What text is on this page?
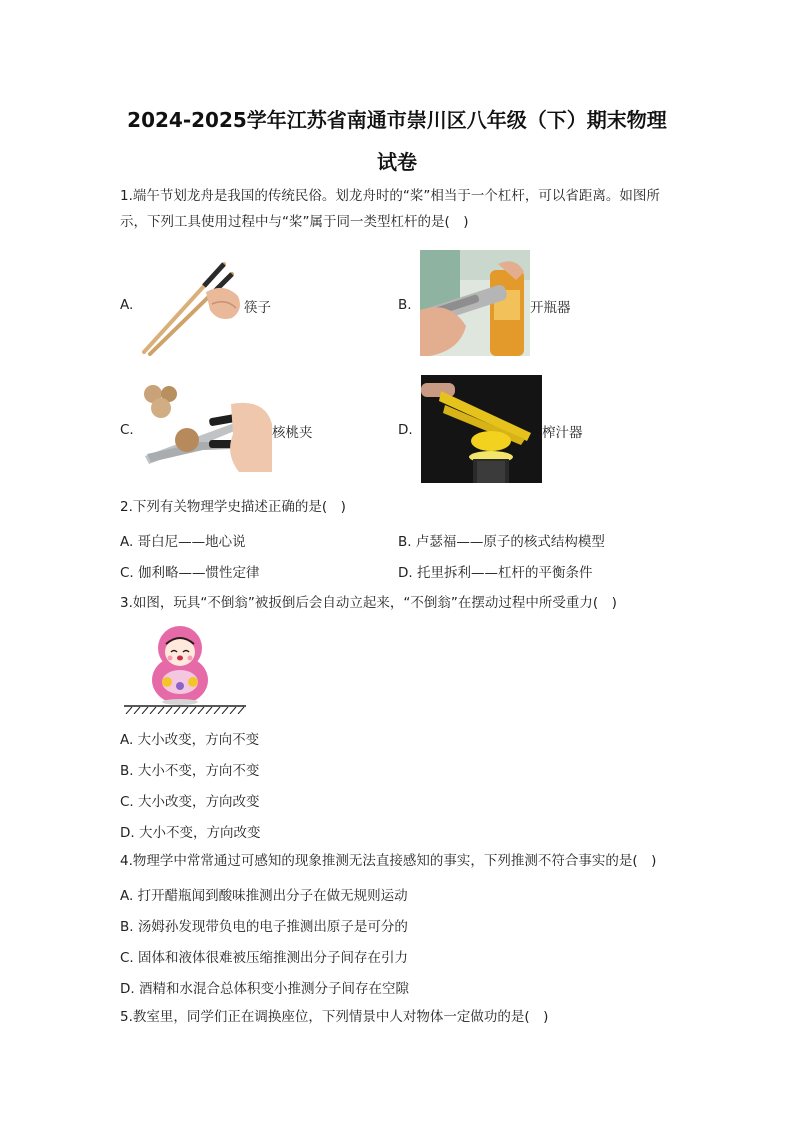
2024-2025学年江苏省南通市崇川区八年级（下）期末物理
试卷
1.端午节划龙舟是我国的传统民俗。划龙舟时的“桨”相当于一个杠杆，可以省距离。如图所示，下列工具使用过程中与“桨”属于同一类型杠杆的是(　)
A.	筷子	B.	开瓶器
C.	核桃夹	D.	榨汁器
2.下列有关物理学史描述正确的是(　)
A. 哥白尼——地心说	B. 卢瑟福——原子的核式结构模型
C. 伽利略——惯性定律	D. 托里拆利——杠杆的平衡条件
3.如图，玩具“不倒翁”被扳倒后会自动立起来，“不倒翁”在摆动过程中所受重力(　)
A. 大小改变，方向不变
B. 大小不变，方向不变
C. 大小改变，方向改变
D. 大小不变，方向改变
4.物理学中常常通过可感知的现象推测无法直接感知的事实，下列推测不符合事实的是(　)
A. 打开醋瓶闻到酸味推测出分子在做无规则运动
B. 汤姆孙发现带负电的电子推测出原子是可分的
C. 固体和液体很难被压缩推测出分子间存在引力
D. 酒精和水混合总体积变小推测分子间存在空隙
5.教室里，同学们正在调换座位，下列情景中人对物体一定做功的是(　)
